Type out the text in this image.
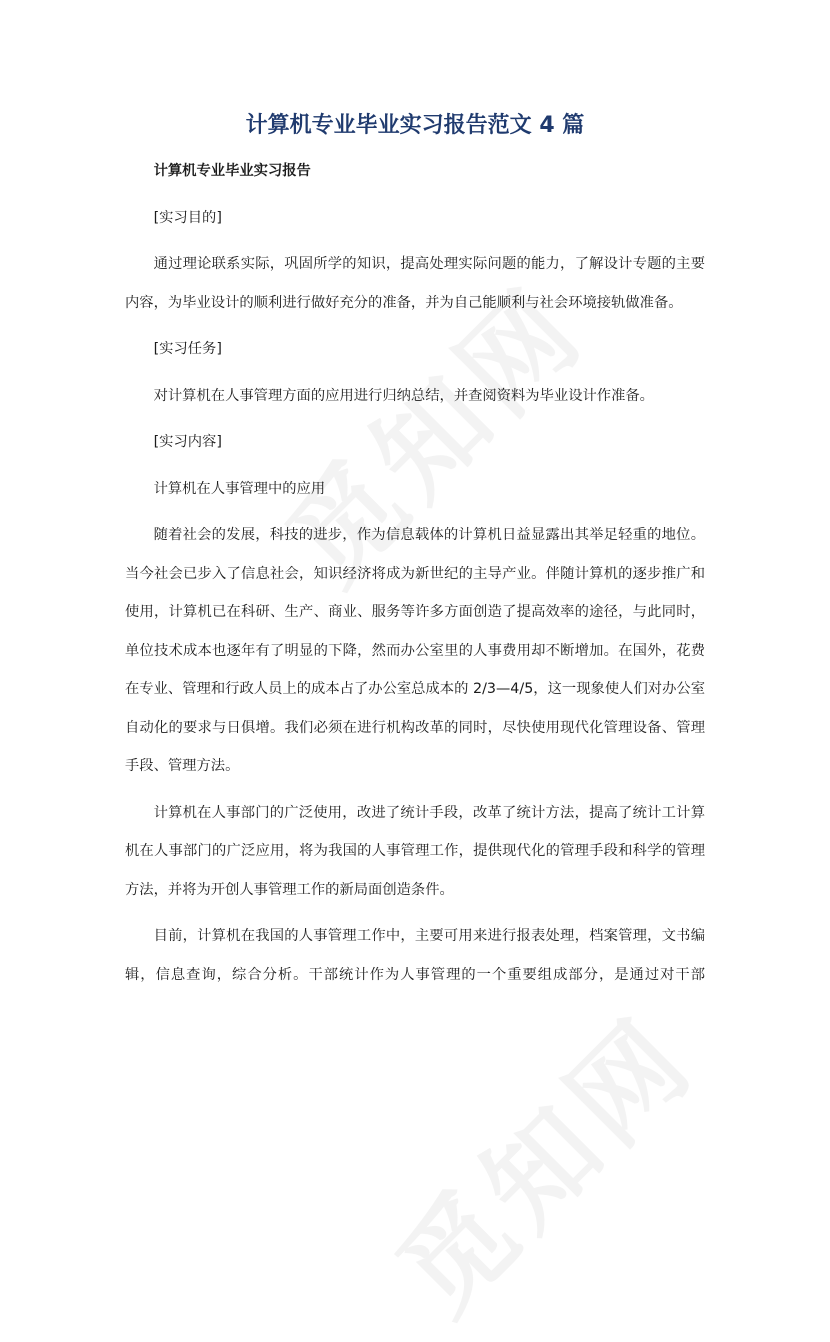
计算机专业毕业实习报告范文 4 篇

计算机专业毕业实习报告

[实习目的]

通过理论联系实际，巩固所学的知识，提高处理实际问题的能力，了解设计专题的主要内容，为毕业设计的顺利进行做好充分的准备，并为自己能顺利与社会环境接轨做准备。

[实习任务]

对计算机在人事管理方面的应用进行归纳总结，并查阅资料为毕业设计作准备。

[实习内容]

计算机在人事管理中的应用

随着社会的发展，科技的进步，作为信息载体的计算机日益显露出其举足轻重的地位。当今社会已步入了信息社会，知识经济将成为新世纪的主导产业。伴随计算机的逐步推广和使用，计算机已在科研、生产、商业、服务等许多方面创造了提高效率的途径，与此同时，单位技术成本也逐年有了明显的下降，然而办公室里的人事费用却不断增加。在国外，花费在专业、管理和行政人员上的成本占了办公室总成本的 2/3—4/5，这一现象使人们对办公室自动化的要求与日俱增。我们必须在进行机构改革的同时，尽快使用现代化管理设备、管理手段、管理方法。

计算机在人事部门的广泛使用，改进了统计手段，改革了统计方法，提高了统计工计算机在人事部门的广泛应用，将为我国的人事管理工作，提供现代化的管理手段和科学的管理方法，并将为开创人事管理工作的新局面创造条件。

目前，计算机在我国的人事管理工作中，主要可用来进行报表处理，档案管理，文书编辑，信息查询，综合分析。干部统计作为人事管理的一个重要组成部分，是通过对干部
